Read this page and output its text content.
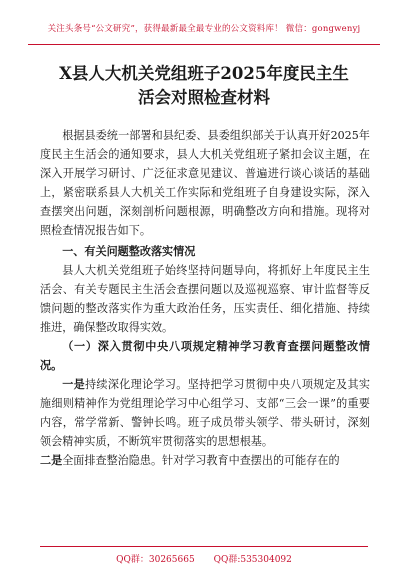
关注头条号“公文研究”，获得最新最全最专业的公文资料库！ 微信：gongwenyj
X县人大机关党组班子2025年度民主生
活会对照检查材料

根据县委统一部署和县纪委、县委组织部关于认真开好2025年度民主生活会的通知要求，县人大机关党组班子紧扣会议主题，在深入开展学习研讨、广泛征求意见建议、普遍进行谈心谈话的基础上，紧密联系县人大机关工作实际和党组班子自身建设实际，深入查摆突出问题，深刻剖析问题根源，明确整改方向和措施。现将对照检查情况报告如下。

一、有关问题整改落实情况

县人大机关党组班子始终坚持问题导向，将抓好上年度民主生活会、有关专题民主生活会查摆问题以及巡视巡察、审计监督等反馈问题的整改落实作为重大政治任务，压实责任、细化措施、持续推进，确保整改取得实效。

（一）深入贯彻中央八项规定精神学习教育查摆问题整改情况。

一是持续深化理论学习。坚持把学习贯彻中央八项规定及其实施细则精神作为党组理论学习中心组学习、支部“三会一课”的重要内容，常学常新、警钟长鸣。班子成员带头领学、带头研讨，深刻领会精神实质，不断筑牢贯彻落实的思想根基。

二是全面排查整治隐患。针对学习教育中查摆出的可能存在的

QQ群：30265665 QQ群:535304092
